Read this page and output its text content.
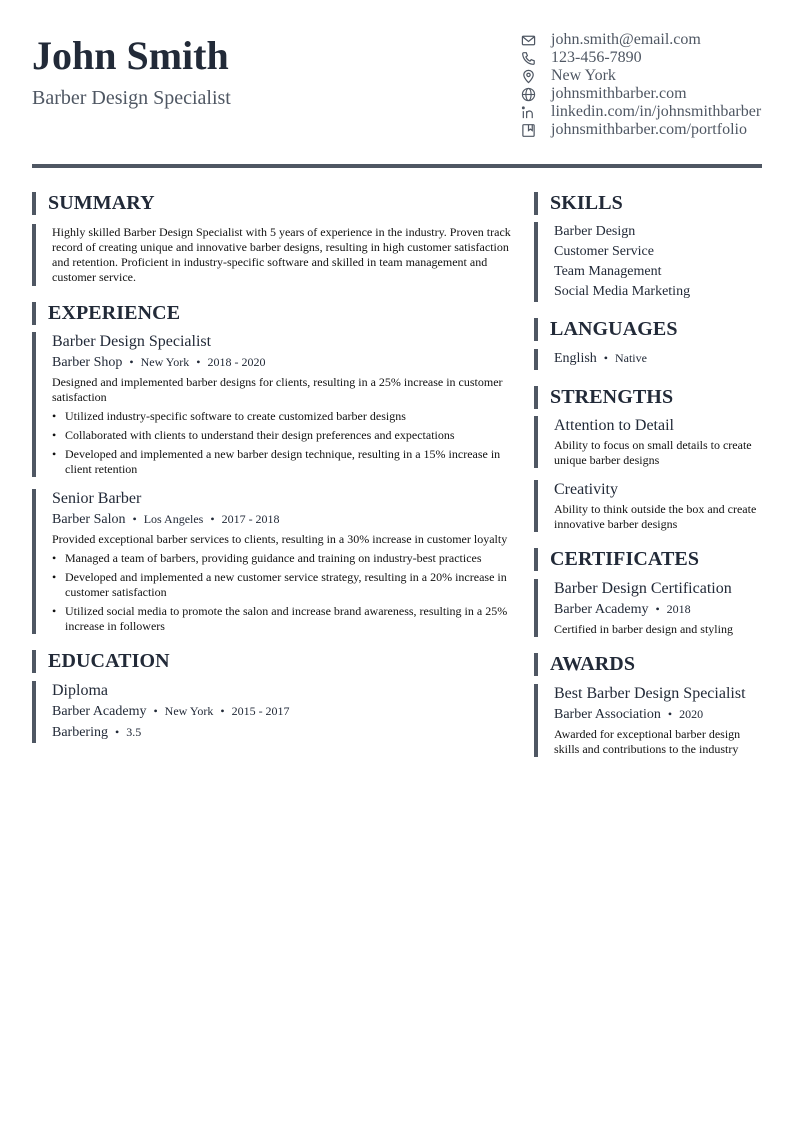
John Smith
Barber Design Specialist
john.smith@email.com
123-456-7890
New York
johnsmithbarber.com
linkedin.com/in/johnsmithbarber
johnsmithbarber.com/portfolio
SUMMARY
Highly skilled Barber Design Specialist with 5 years of experience in the industry. Proven track record of creating unique and innovative barber designs, resulting in high customer satisfaction and retention. Proficient in industry-specific software and skilled in team management and customer service.
EXPERIENCE
Barber Design Specialist
Barber Shop • New York • 2018 - 2020
Designed and implemented barber designs for clients, resulting in a 25% increase in customer satisfaction
• Utilized industry-specific software to create customized barber designs
• Collaborated with clients to understand their design preferences and expectations
• Developed and implemented a new barber design technique, resulting in a 15% increase in client retention
Senior Barber
Barber Salon • Los Angeles • 2017 - 2018
Provided exceptional barber services to clients, resulting in a 30% increase in customer loyalty
• Managed a team of barbers, providing guidance and training on industry-best practices
• Developed and implemented a new customer service strategy, resulting in a 20% increase in customer satisfaction
• Utilized social media to promote the salon and increase brand awareness, resulting in a 25% increase in followers
EDUCATION
Diploma
Barber Academy • New York • 2015 - 2017
Barbering • 3.5
SKILLS
Barber Design
Customer Service
Team Management
Social Media Marketing
LANGUAGES
English • Native
STRENGTHS
Attention to Detail
Ability to focus on small details to create unique barber designs
Creativity
Ability to think outside the box and create innovative barber designs
CERTIFICATES
Barber Design Certification
Barber Academy • 2018
Certified in barber design and styling
AWARDS
Best Barber Design Specialist
Barber Association • 2020
Awarded for exceptional barber design skills and contributions to the industry
